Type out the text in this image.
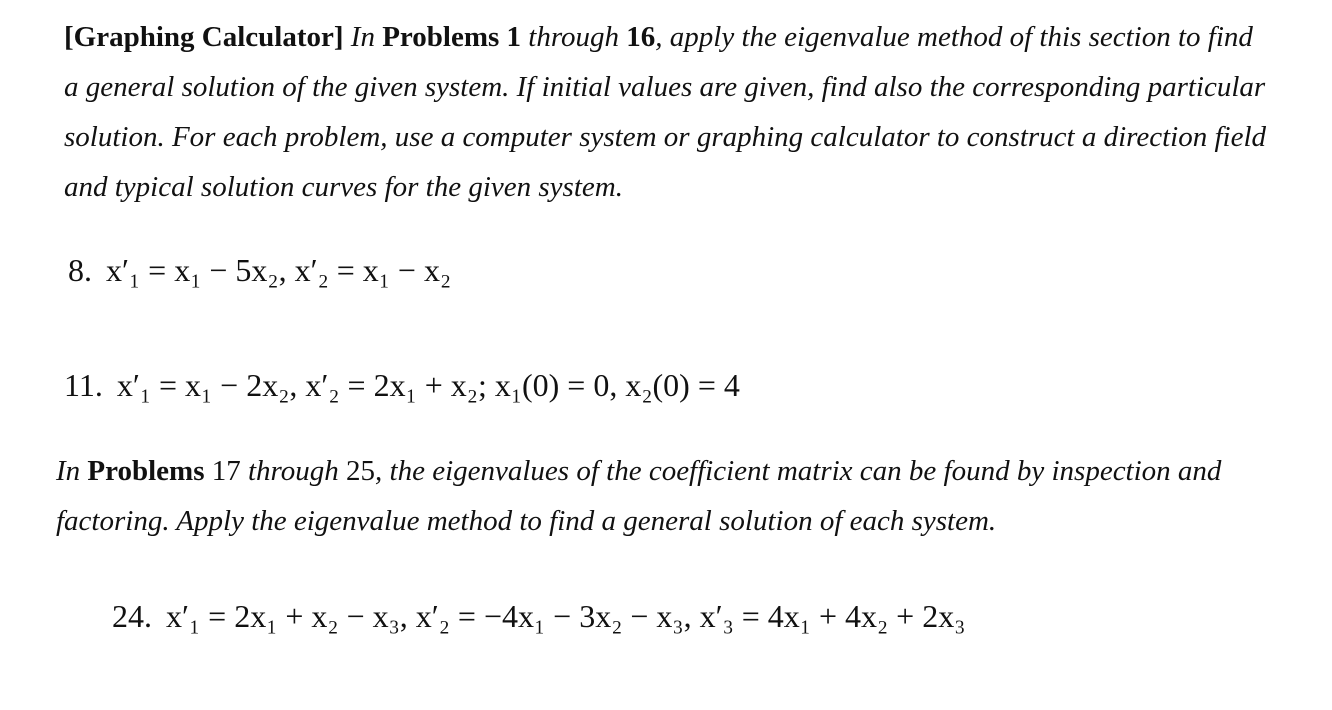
[Graphing Calculator] In Problems 1 through 16, apply the eigenvalue method of this section to find a general solution of the given system. If initial values are given, find also the corresponding particular solution. For each problem, use a computer system or graphing calculator to construct a direction field and typical solution curves for the given system.

8. x′₁ = x₁ − 5x₂, x′₂ = x₁ − x₂
11. x′₁ = x₁ − 2x₂, x′₂ = 2x₁ + x₂; x₁(0) = 0, x₂(0) = 4

In Problems 17 through 25, the eigenvalues of the coefficient matrix can be found by inspection and factoring. Apply the eigenvalue method to find a general solution of each system.

24. x′₁ = 2x₁ + x₂ − x₃, x′₂ = −4x₁ − 3x₂ − x₃, x′₃ = 4x₁ + 4x₂ + 2x₃
